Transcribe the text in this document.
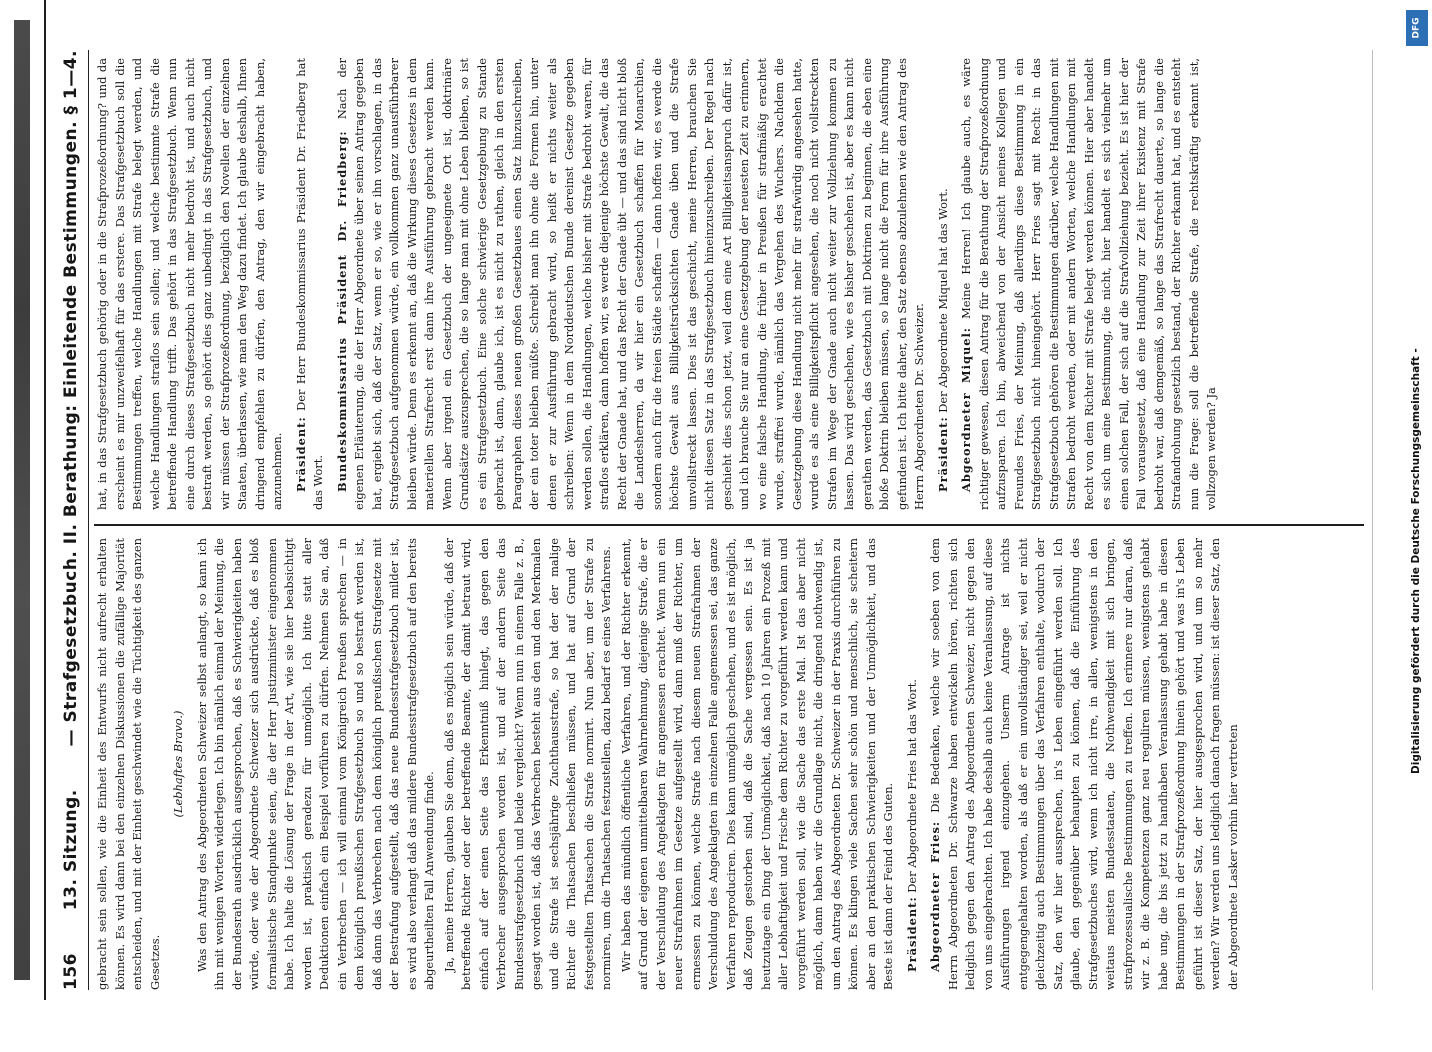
156
13. Sitzung.
— Strafgesetzbuch. II. Berathung: Einleitende Bestimmungen. § 1—4.

gebracht sein sollen, wie die Einheit des Entwurfs nicht aufrecht erhalten können. Es wird dann bei den einzelnen Diskussionen die zufällige Majorität entscheiden, und mit der Einheit geschwindet wie die Tüchtigkeit des ganzen Gesetzes.

(Lebhaftes Bravo.) Was den Antrag des Abgeordneten Schweizer selbst anlangt, so kann ich ihn mit wenigen Worten widerlegen. Ich bin nämlich einmal der Meinung, die der Bundesrath ausdrücklich ausgesprochen, daß es Schwierigkeiten haben würde, oder wie der Abgeordnete Schweizer sich ausdrückte, daß es bloß formalistische Standpunkte seien, die der Herr Justizminister eingenommen habe. Ich halte die Lösung der Frage in der Art, wie sie hier beabsichtigt worden ist, praktisch geradezu für unmöglich. Ich bitte statt aller Deduktionen einfach ein Beispiel vorführen zu dürfen. Nehmen Sie an, daß ein Verbrechen — ich will einmal vom Königreich Preußen sprechen — in dem königlich preußischen Strafgesetzbuch so und so bestraft werden ist, daß dann das Verbrechen nach dem königlich preußischen Strafgesetze mit der Bestrafung aufgestellt, daß das neue Bundesstrafgesetzbuch milder ist, es wird also verlangt daß das mildere Bundesstrafgesetzbuch auf den bereits abgeurtheilten Fall Anwendung finde. Ja, meine Herren, glauben Sie denn, daß es möglich sein würde, daß der betreffende Richter oder der betreffende Beamte, der damit betraut wird, einfach auf der einen Seite das Erkenntniß hinlegt, das gegen den Verbrecher ausgesprochen worden ist, und auf der andern Seite das Bundesstrafgesetzbuch und beide vergleicht? Wenn nun in einem Falle z. B., gesagt worden ist, daß das Verbrechen besteht aus den und den Merkmalen und die Strafe ist sechsjährige Zuchthausstrafe, so hat der der malige Richter die Thatsachen beschließen müssen, und hat auf Grund der festgestellten Thatsachen die Strafe normirt. Nun aber, um der Strafe zu normiren, um die Thatsachen festzustellen, dazu bedarf es eines Verfahrens. Wir haben das mündlich öffentliche Verfahren, und der Richter erkennt, auf Grund der eigenen unmittelbaren Wahrnehmung, diejenige Strafe, die er der Verschuldung des Angeklagten für angemessen erachtet. Wenn nun ein neuer Strafrahmen im Gesetze aufgestellt wird, dann muß der Richter, um ermessen zu können, welche Strafe nach diesem neuen Strafrahmen der Verschuldung des Angeklagten im einzelnen Falle angemessen sei, das ganze Verfahren reproduciren. Dies kann unmöglich geschehen, und es ist möglich, daß Zeugen gestorben sind, daß die Sache vergessen sein. Es ist ja heutzutage ein Ding der Unmöglichkeit, daß nach 10 Jahren ein Prozeß mit aller Lebhaftigkeit und Frische dem Richter zu vorgeführt werden kann und vorgeführt werden soll, wie die Sache das erste Mal. Ist das aber nicht möglich, dann haben wir die Grundlage nicht, die dringend nothwendig ist, um den Antrag des Abgeordneten Dr. Schweizer in der Praxis durchführen zu können. Es klingen viele Sachen sehr schön und menschlich, sie scheitern aber an den praktischen Schwierigkeiten und der Unmöglichkeit, und das Beste ist dann der Feind des Guten. Präsident: Der Abgeordnete Fries hat das Wort.

Abgeordneter Fries: Die Bedenken, welche wir soeben von dem Herrn Abgeordneten Dr. Schwarze haben entwickeln hören, richten sich lediglich gegen den Antrag des Abgeordneten Schweizer, nicht gegen den von uns eingebrachten. Ich habe deshalb auch keine Veranlassung, auf diese Ausführungen irgend einzugehen. Unserm Antrage ist nichts entgegengehalten worden, als daß er ein unvollständiger sei, weil er nicht gleichzeitig auch Bestimmungen über das Verfahren enthalte, wodurch der Satz, den wir hier aussprechen, in's Leben eingeführt werden soll. Ich glaube, den gegenüber behaupten zu können, daß die Einführung des Strafgesetzbuches wird, wenn ich nicht irre, in allen, wenigstens in den weitaus meisten Bundesstaaten, die Nothwendigkeit mit sich bringen, strafprozessualische Bestimmungen zu treffen. Ich erinnere nur daran, daß wir z. B. die Kompetenzen ganz neu reguliren müssen, wenigstens gehabt habe ung, die bis jetzt zu handhaben Veranlassung gehabt habe in diesen Bestimmungen in der Strafprozeßordnung hinein gehört und was in's Leben geführt ist dieser Satz, der hier ausgesprochen wird, und um so mehr werden? Wir werden uns lediglich danach fragen müssen: ist dieser Satz, den der Abgeordnete Lasker vorhin hier vertreten

hat, in das Strafgesetzbuch gehörig oder in die Strafprozeßordnung? und da erscheint es mir unzweifelhaft für das erstere. Das Strafgesetzbuch soll die Bestimmungen treffen, welche Handlungen mit Strafe belegt werden, und welche Handlungen straflos sein sollen; und welche bestimmte Strafe die betreffende Handlung trifft. Das gehört in das Strafgesetzbuch. Wenn nun eine durch dieses Strafgesetzbuch nicht mehr bedroht ist, und auch nicht bestraft werden, so gehört dies ganz unbedingt in das Strafgesetzbuch, und wir müssen der Strafprozeßordnung, bezüglich den Novellen der einzelnen Staaten, überlassen, wie man den Weg dazu findet. Ich glaube deshalb, Ihnen dringend empfehlen zu dürfen, den Antrag, den wir eingebracht haben, anzunehmen. Präsident: Der Herr Bundeskommissarius Präsident Dr. Friedberg hat das Wort. Bundeskommissarius Präsident Dr. Friedberg: Nach der eigenen Erläuterung, die der Herr Abgeordnete über seinen Antrag gegeben hat, ergiebt sich, daß der Satz, wenn er so, wie er ihn vorschlagen, in das Strafgesetzbuch aufgenommen würde, ein vollkommen ganz unausführbarer bleiben würde. Denn es erkennt an, daß die Wirkung dieses Gesetzes in dem materiellen Strafrecht erst dann ihre Ausführung gebracht werden kann. Wenn aber irgend ein Gesetzbuch der ungeeignete Ort ist, doktrinäre Grundsätze auszusprechen, die so lange man mit ohne Leben bleiben, so ist es ein Strafgesetzbuch. Eine solche schwierige Gesetzgebung zu Stande gebracht ist, dann, glaube ich, ist es nicht zu rathen, gleich in den ersten Paragraphen dieses neuen großen Gesetzbaues einen Satz hinzuschreiben, der ein toter bleiben müßte. Schreibt man ihn ohne die Formen hin, unter denen er zur Ausführung gebracht wird, so heißt er nichts weiter als schreiben: Wenn in dem Norddeutschen Bunde dereinst Gesetze gegeben werden sollen, die Handlungen, welche bisher mit Strafe bedroht waren, für straflos erklären, dann hoffen wir, es werde diejenige höchste Gewalt, die das Recht der Gnade hat, und das Recht der Gnade übt — und das sind nicht bloß die Landesherren, da wir hier ein Gesetzbuch schaffen für Monarchien, sondern auch für die freien Städte schaffen — dann hoffen wir, es werde die höchste Gewalt aus Billigkeitsrücksichten Gnade üben und die Strafe unvollstreckt lassen. Dies ist das geschicht, meine Herren, brauchen Sie nicht diesen Satz in das Strafgesetzbuch hineinzuschreiben. Der Regel nach geschieht dies schon jetzt, weil dem eine Art Billigkeitsanspruch dafür ist, und ich brauche Sie nur an eine Gesetzgebung der neuesten Zeit zu erinnern, wo eine falsche Handlung, die früher in Preußen für strafmäßig erachtet wurde, straffrei wurde, nämlich das Vergehen des Wuchers. Nachdem die Gesetzgebung diese Handlung nicht mehr für strafwürdig angesehen hatte, wurde es als eine Billigkeitspflicht angesehen, die noch nicht vollstreckten Strafen im Wege der Gnade auch nicht weiter zur Vollziehung kommen zu lassen. Das wird geschehen, wie es bisher geschehen ist, aber es kann nicht gerathen werden, das Gesetzbuch mit Doktrinen zu beginnen, die eben eine bloße Doktrin bleiben müssen, so lange nicht die Form für ihre Ausführung gefunden ist. Ich bitte daher, den Satz ebenso abzulehnen wie den Antrag des Herrn Abgeordneten Dr. Schweizer. Präsident: Der Abgeordnete Miquel hat das Wort. Abgeordneter Miquel: Meine Herren! Ich glaube auch, es wäre richtiger gewesen, diesen Antrag für die Berathung der Strafprozeßordnung aufzusparen. Ich bin, abweichend von der Ansicht meines Kollegen und Freundes Fries, der Meinung, daß allerdings diese Bestimmung in ein Strafgesetzbuch nicht hineingehört. Herr Fries sagt mit Recht: in das Strafgesetzbuch gehören die Bestimmungen darüber, welche Handlungen mit Strafen bedroht werden, oder mit andern Worten, welche Handlungen mit Recht von dem Richter mit Strafe belegt werden können. Hier aber handelt es sich um eine Bestimmung, die nicht, hier handelt es sich vielmehr um einen solchen Fall, der sich auf die Strafvollziehung bezieht. Es ist hier der Fall vorausgesetzt, daß eine Handlung zur Zeit ihrer Existenz mit Strafe bedroht war, daß demgemäß, so lange das Strafrecht dauerte, so lange die Strafandrohung gesetzlich bestand, der Richter erkannt hat, und es entsteht nun die Frage: soll die betreffende Strafe, die rechtskräftig erkannt ist, vollzogen werden? Ja

DFG
Digitalisierung gefördert durch die Deutsche Forschungsgemeinschaft -
